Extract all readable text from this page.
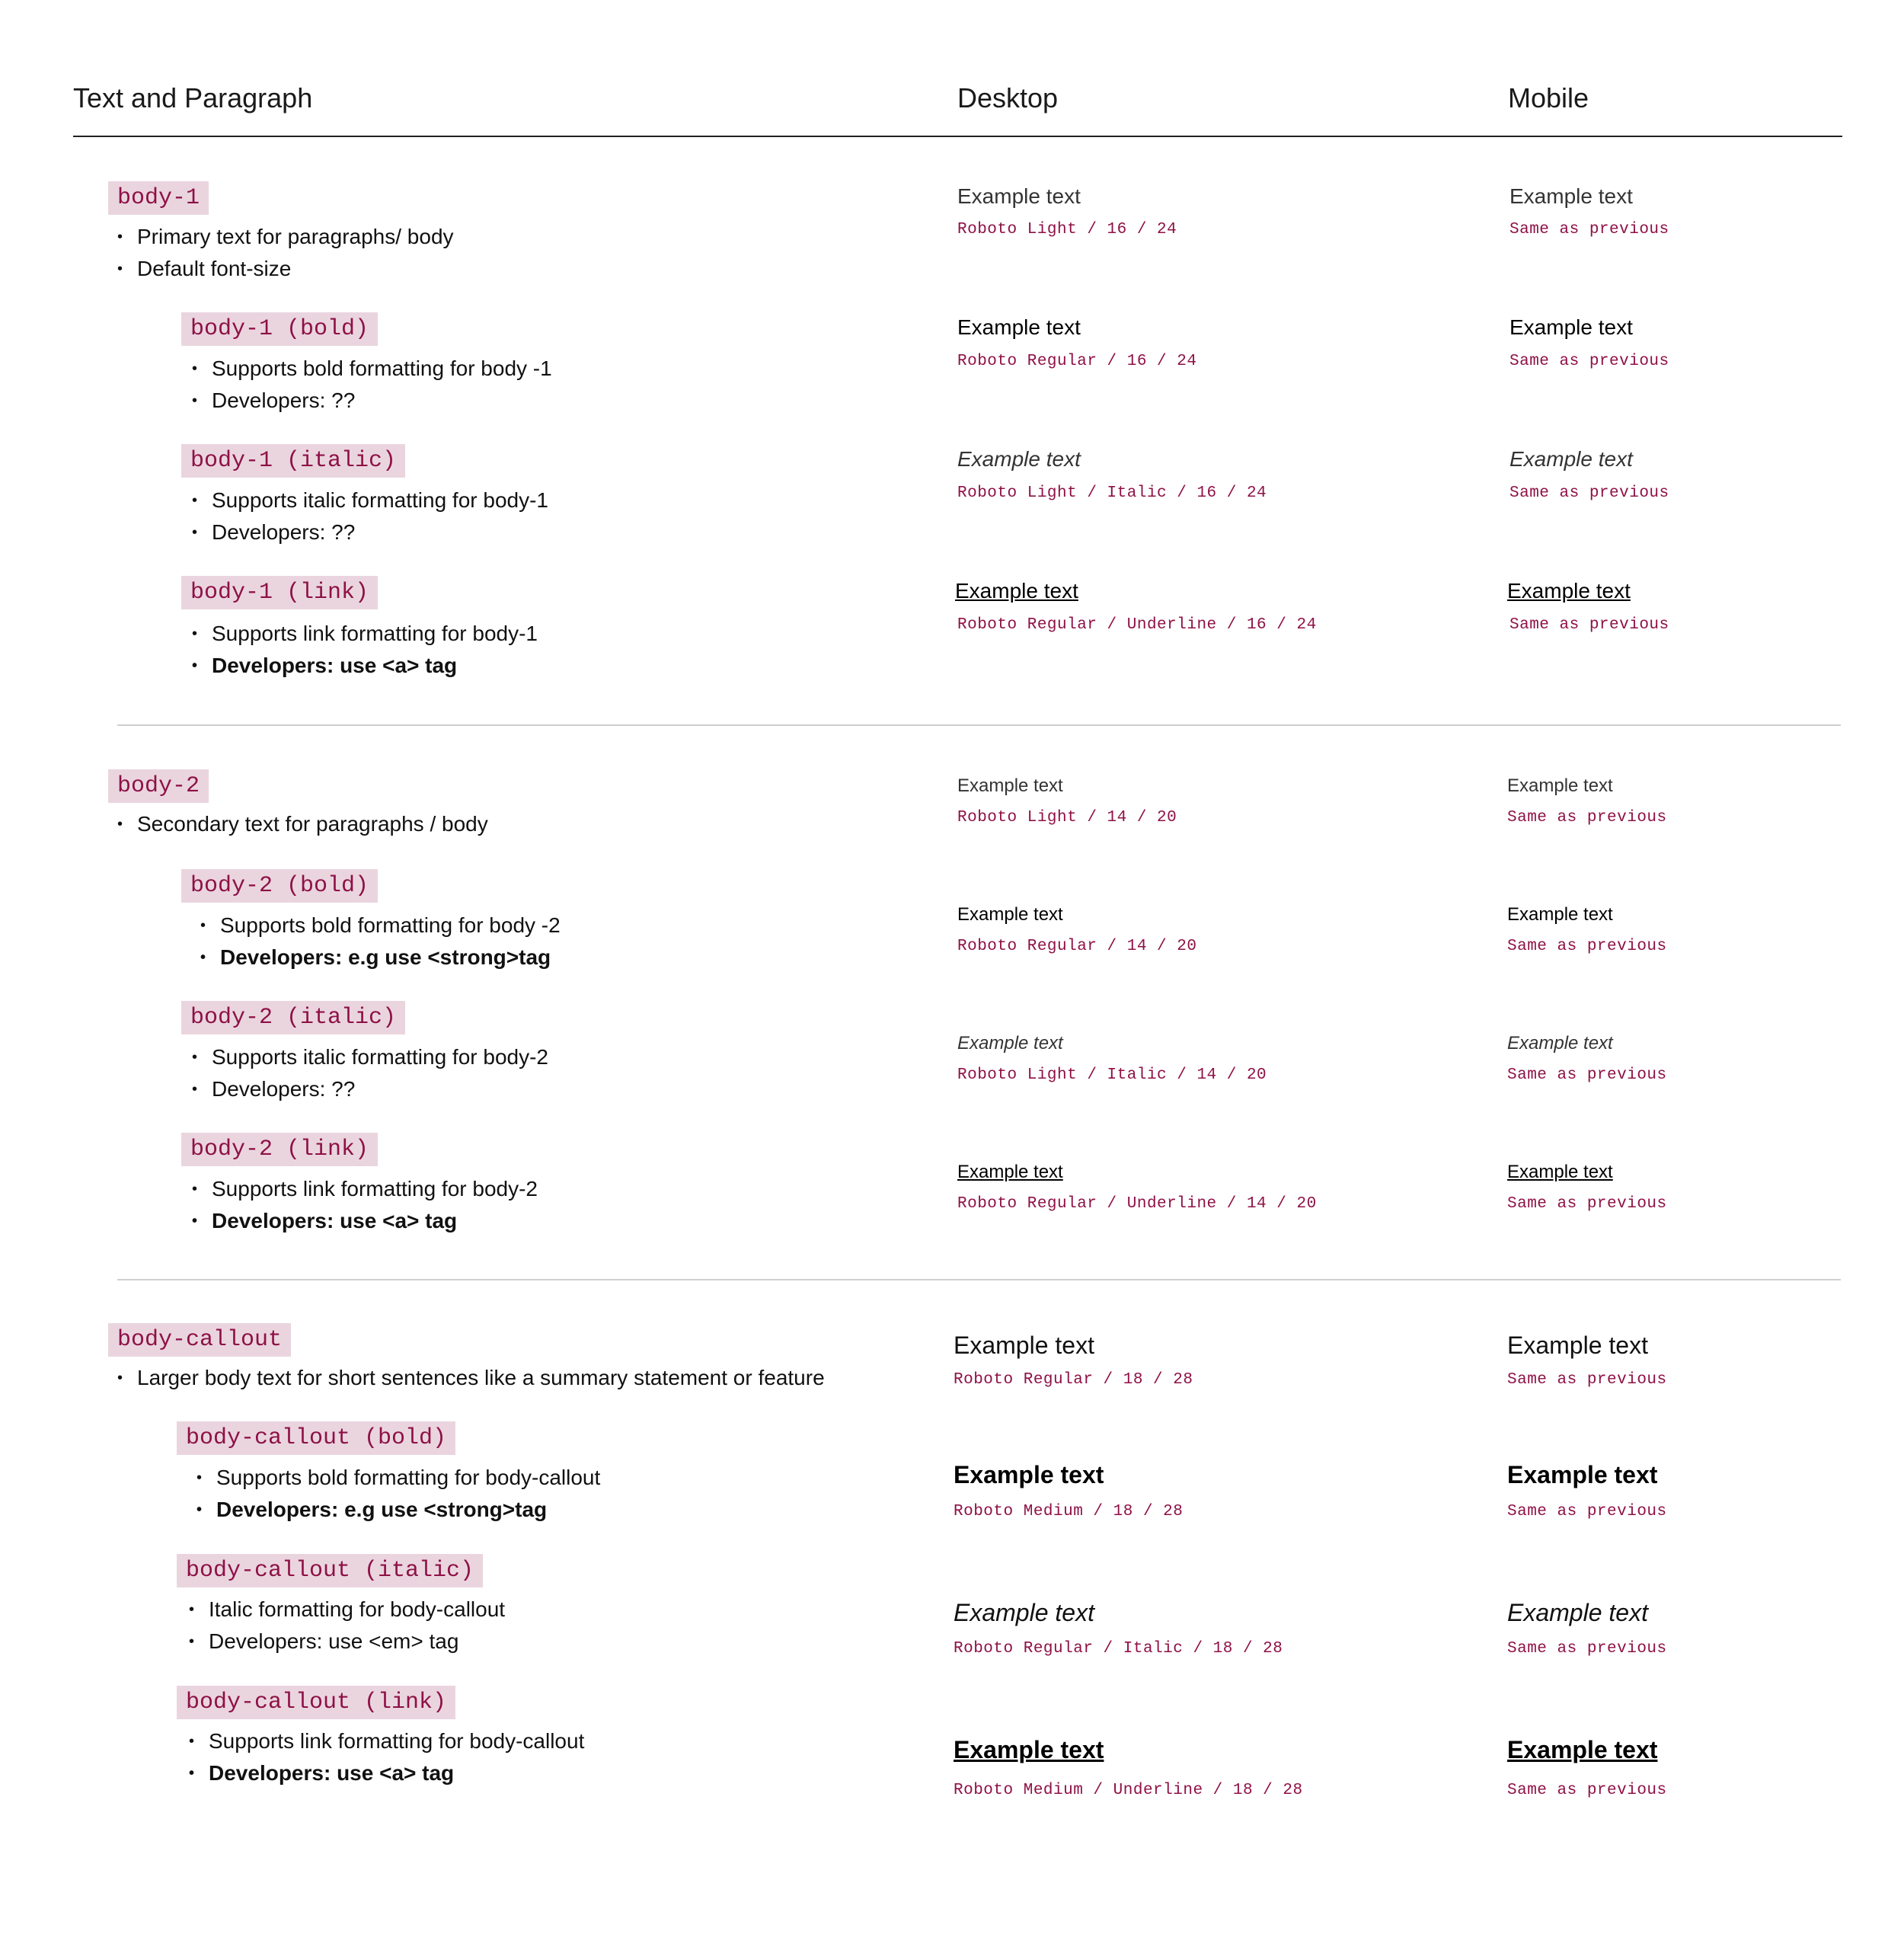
Text and Paragraph	Desktop	Mobile
body-1
• Primary text for paragraphs/ body
• Default font-size
Example text
Roboto Light / 16 / 24
Example text
Same as previous
body-1 (bold)
• Supports bold formatting for body -1
• Developers: ??
Example text
Roboto Regular / 16 / 24
Example text
Same as previous
body-1 (italic)
• Supports italic formatting for body-1
• Developers: ??
Example text
Roboto Light / Italic / 16 / 24
Example text
Same as previous
body-1 (link)
• Supports link formatting for body-1
• Developers: use <a> tag
Example text
Roboto Regular / Underline / 16 / 24
Example text
Same as previous
body-2
• Secondary text for paragraphs / body
Example text
Roboto Light / 14 / 20
Example text
Same as previous
body-2 (bold)
• Supports bold formatting for body -2
• Developers: e.g use <strong>tag
Example text
Roboto Regular / 14 / 20
Example text
Same as previous
body-2 (italic)
• Supports italic formatting for body-2
• Developers: ??
Example text
Roboto Light / Italic / 14 / 20
Example text
Same as previous
body-2 (link)
• Supports link formatting for body-2
• Developers: use <a> tag
Example text
Roboto Regular / Underline / 14 / 20
Example text
Same as previous
body-callout
• Larger body text for short sentences like a summary statement or feature
Example text
Roboto Regular / 18 / 28
Example text
Same as previous
body-callout (bold)
• Supports bold formatting for body-callout
• Developers: e.g use <strong>tag
Example text
Roboto Medium / 18 / 28
Example text
Same as previous
body-callout (italic)
• Italic formatting for body-callout
• Developers: use <em> tag
Example text
Roboto Regular / Italic / 18 / 28
Example text
Same as previous
body-callout (link)
• Supports link formatting for body-callout
• Developers: use <a> tag
Example text
Roboto Medium / Underline / 18 / 28
Example text
Same as previous
